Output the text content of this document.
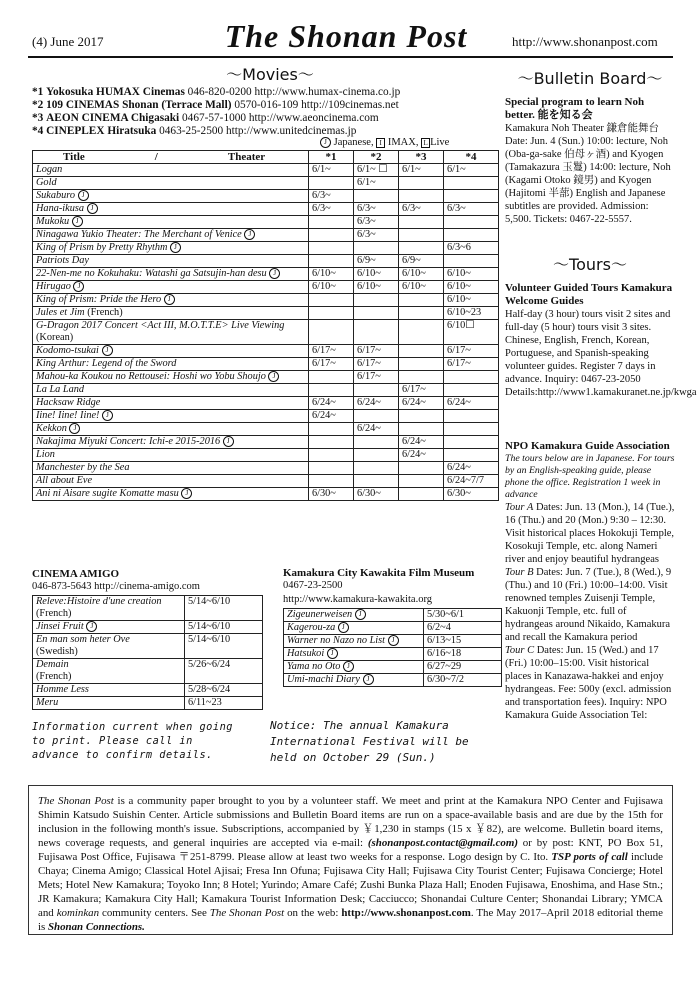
(4) June 2017	The Shonan Post	http://www.shonanpost.com
～Movies～
*1 Yokosuka HUMAX Cinemas 046-820-0200 http://www.humax-cinema.co.jp
*2 109 CINEMAS Shonan (Terrace Mall) 0570-016-109 http://109cinemas.net
*3 AEON CINEMA Chigasaki 0467-57-1000 http://www.aeoncinema.com
*4 CINEPLEX Hiratsuka 0463-25-2500 http://www.unitedcinemas.jp
J Japanese, I IMAX, L Live
Title / Theater	*1	*2	*3	*4
Logan	6/1~	6/1~ ☐	6/1~	6/1~
Gold		6/1~		
Sukaburo J	6/3~			
Hana-ikusa J	6/3~	6/3~	6/3~	6/3~
Mukoku J		6/3~		
Ninagawa Yukio Theater: The Merchant of Venice J		6/3~		
King of Prism by Pretty Rhythm J				6/3~6
Patriots Day		6/9~	6/9~	
22-Nen-me no Kokuhaku: Watashi ga Satsujin-han desu J	6/10~	6/10~	6/10~	6/10~
Hirugao J	6/10~	6/10~	6/10~	6/10~
King of Prism: Pride the Hero J				6/10~
Jules et Jim (French)				6/10~23
G-Dragon 2017 Concert <Act III, M.O.T.T.E> Live Viewing (Korean)				6/10☐
Kodomo-tsukai J	6/17~	6/17~		6/17~
King Arthur: Legend of the Sword	6/17~	6/17~		6/17~
Mahou-ka Koukou no Rettousei: Hoshi wo Yobu Shoujo J		6/17~		
La La Land			6/17~	
Hacksaw Ridge	6/24~	6/24~	6/24~	6/24~
Iine! Iine! Iine! J	6/24~			
Kekkon J		6/24~		
Nakajima Miyuki Concert: Ichi-e 2015-2016 J			6/24~	
Lion			6/24~	
Manchester by the Sea				6/24~
All about Eve				6/24~7/7
Ani ni Aisare sugite Komatte masu J	6/30~	6/30~		6/30~
CINEMA AMIGO
046-873-5643 http://cinema-amigo.com
Releve:Histoire d'une creation
(French)	5/14~6/10
Jinsei Fruit J	5/14~6/10
En man som heter Ove
(Swedish)	5/14~6/10
Demain
(French)	5/26~6/24
Homme Less	5/28~6/24
Meru	6/11~23
Kamakura City Kawakita Film Museum
0467-23-2500
http://www.kamakura-kawakita.org
Zigeunerweisen J	5/30~6/1
Kagerou-za J	6/2~4
Warner no Nazo no List J	6/13~15
Hatsukoi J	6/16~18
Yama no Oto J	6/27~29
Umi-machi Diary J	6/30~7/2
Information current when going to print. Please call in advance to confirm details.
Notice: The annual Kamakura International Festival will be held on October 29 (Sun.)
～Bulletin Board～

Special program to learn Noh better. 能を知る会

Kamakura Noh Theater 鎌倉能舞台 Date: Jun. 4 (Sun.) 10:00: lecture, Noh (Oba-ga-sake 伯母ヶ酒) and Kyogen (Tamakazura 玉鬘) 14:00: lecture, Noh (Kagami Otoko 鏡男) and Kyogen (Hajitomi 半蔀) English and Japanese subtitles are provided. Admission: 5,500. Tickets: 0467-22-5557.

～Tours～

Volunteer Guided Tours Kamakura Welcome Guides

Half-day (3 hour) tours visit 2 sites and full-day (5 hour) tours visit 3 sites. Chinese, English, French, Korean, Portuguese, and Spanish-speaking volunteer guides. Register 7 days in advance. Inquiry: 0467-23-2050 Details:http://www1.kamakuranet.ne.jp/kwga

NPO Kamakura Guide Association

The tours below are in Japanese. For tours by an English-speaking guide, please phone the office. Registration 1 week in advance

Tour A Dates: Jun. 13 (Mon.), 14 (Tue.), 16 (Thu.) and 20 (Mon.) 9:30 – 12:30. Visit historical places Hokokuji Temple, Kosokuji Temple, etc. along Nameri river and enjoy beautiful hydrangeas

Tour B Dates: Jun. 7 (Tue.), 8 (Wed.), 9 (Thu.) and 10 (Fri.) 10:00–14:00. Visit renowned temples Zuisenji Temple, Kakuonji Temple, etc. full of hydrangeas around Nikaido, Kamakura and recall the Kamakura period

Tour C Dates: Jun. 15 (Wed.) and 17 (Fri.) 10:00–15:00. Visit historical places in Kanazawa-hakkei and enjoy hydrangeas. Fee: 500y (excl. admission and transportation fees). Inquiry: NPO Kamakura Guide Association Tel:

The Shonan Post is a community paper brought to you by a volunteer staff. We meet and print at the Kamakura NPO Center and Fujisawa Shimin Katsudo Suishin Center. Article submissions and Bulletin Board items are run on a space-available basis and are due by the 15th for inclusion in the following month's issue. Subscriptions, accompanied by ￥1,230 in stamps (15 x ￥82), are welcome. Bulletin board items, news coverage requests, and general inquiries are accepted via e-mail: (shonanpost.contact@gmail.com) or by post: KNT, PO Box 51, Fujisawa Post Office, Fujisawa 〒251-8799. Please allow at least two weeks for a response. Logo design by C. Ito. TSP ports of call include Chaya; Cinema Amigo; Classical Hotel Ajisai; Fresa Inn Ofuna; Fujisawa City Hall; Fujisawa City Tourist Center; Fujisawa Concierge; Hotel Mets; Hotel New Kamakura; Toyoko Inn; 8 Hotel; Yurindo; Amare Café; Zushi Bunka Plaza Hall; Enoden Fujisawa, Enoshima, and Hase Stn.; JR Kamakura; Kamakura City Hall; Kamakura Tourist Information Desk; Cacciucco; Shonandai Culture Center; Shonandai Library; YMCA and kominkan community centers. See The Shonan Post on the web: http://www.shonanpost.com. The May 2017–April 2018 editorial theme is Shonan Connections.
